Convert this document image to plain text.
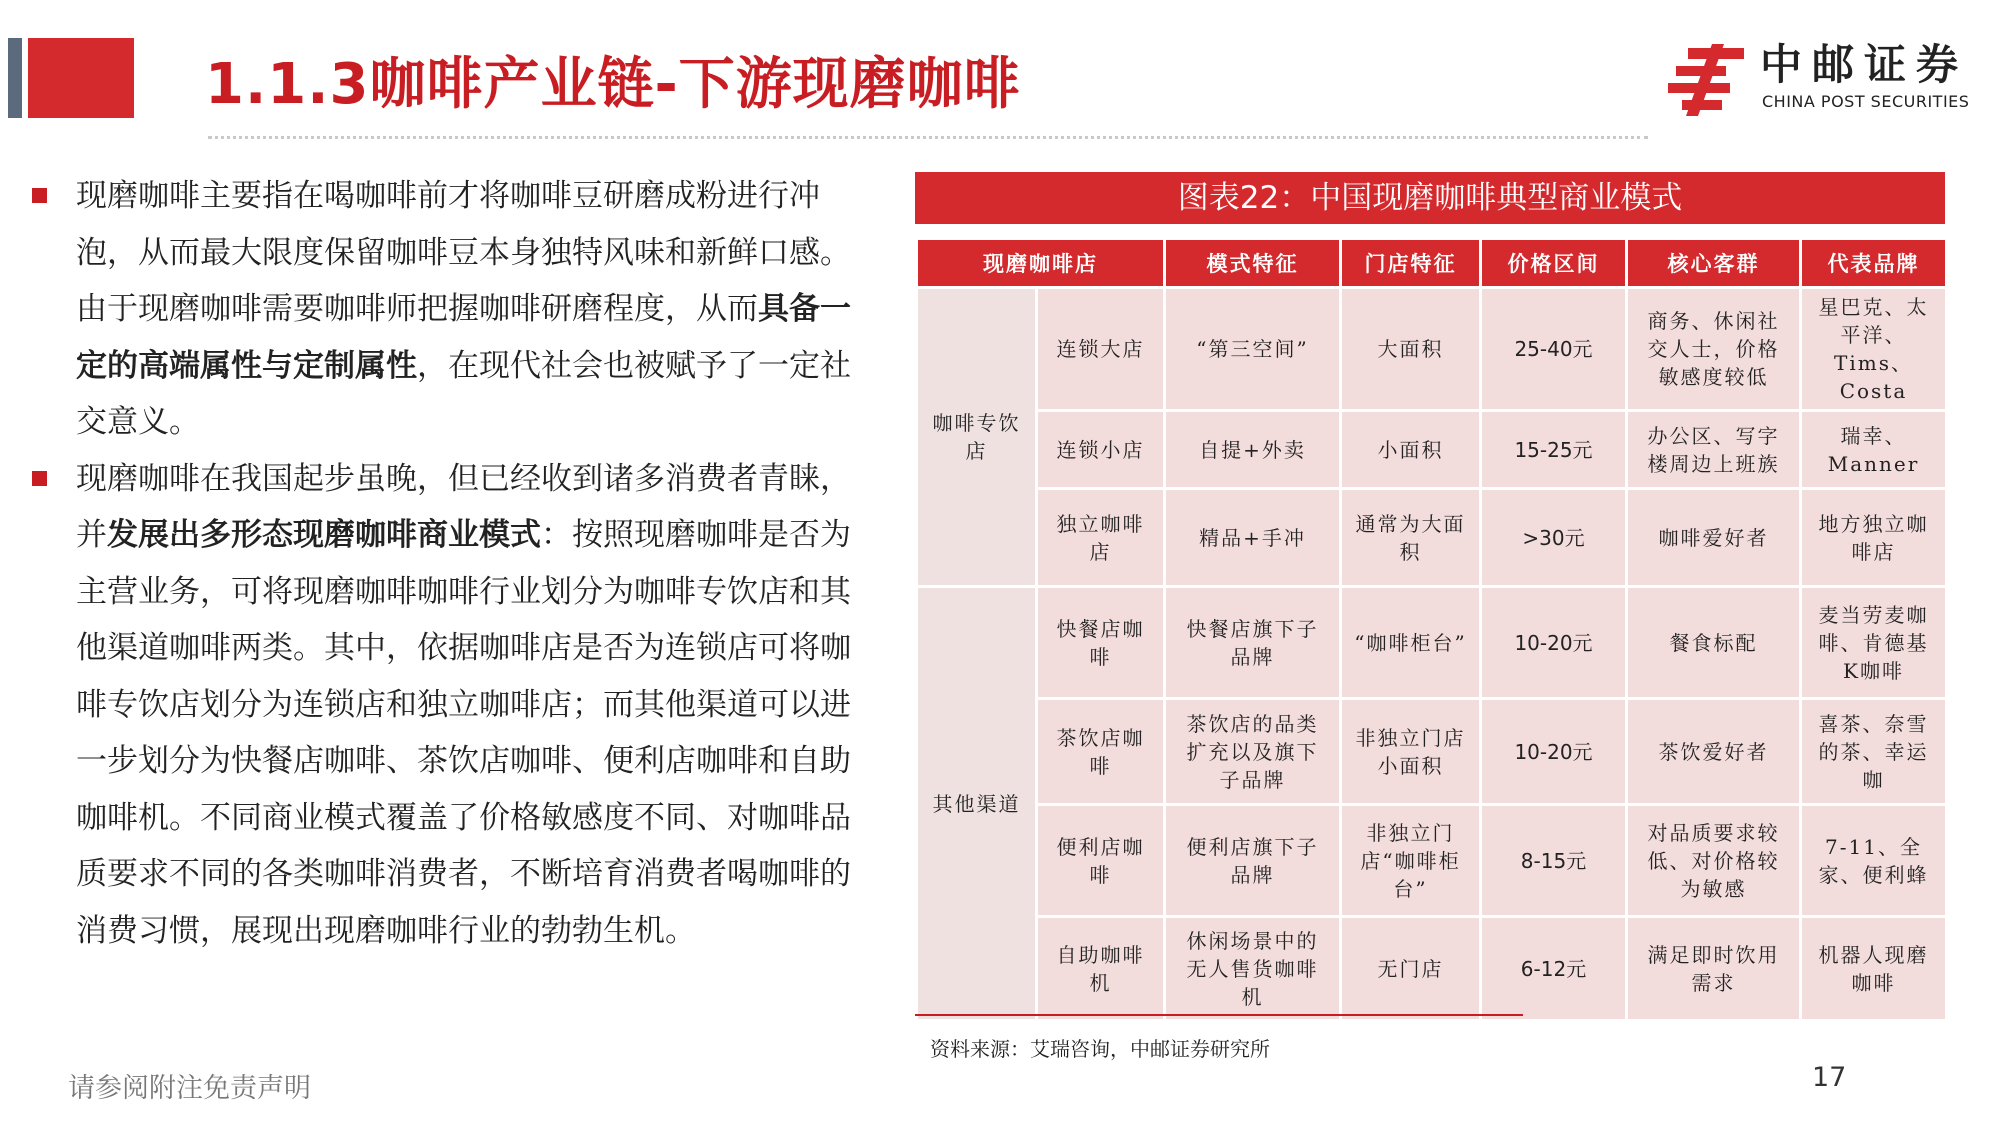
1.1.3咖啡产业链-下游现磨咖啡	中邮证券
CHINA POST SECURITIES

现磨咖啡主要指在喝咖啡前才将咖啡豆研磨成粉进行冲泡，从而最大限度保留咖啡豆本身独特风味和新鲜口感。由于现磨咖啡需要咖啡师把握咖啡研磨程度，从而具备一定的高端属性与定制属性，在现代社会也被赋予了一定社交意义。

现磨咖啡在我国起步虽晚，但已经收到诸多消费者青睐，并发展出多形态现磨咖啡商业模式：按照现磨咖啡是否为主营业务，可将现磨咖啡咖啡行业划分为咖啡专饮店和其他渠道咖啡两类。其中，依据咖啡店是否为连锁店可将咖啡专饮店划分为连锁店和独立咖啡店；而其他渠道可以进一步划分为快餐店咖啡、茶饮店咖啡、便利店咖啡和自助咖啡机。不同商业模式覆盖了价格敏感度不同、对咖啡品质要求不同的各类咖啡消费者，不断培育消费者喝咖啡的消费习惯，展现出现磨咖啡行业的勃勃生机。

图表22：中国现磨咖啡典型商业模式
现磨咖啡店		模式特征	门店特征	价格区间	核心客群	代表品牌
咖啡专饮店	连锁大店	“第三空间”	大面积	25-40元	商务、休闲社交人士，价格敏感度较低	星巴克、太平洋、Tims、Costa
	连锁小店	自提+外卖	小面积	15-25元	办公区、写字楼周边上班族	瑞幸、Manner
	独立咖啡店	精品+手冲	通常为大面积	>30元	咖啡爱好者	地方独立咖啡店
其他渠道	快餐店咖啡	快餐店旗下子品牌	“咖啡柜台”	10-20元	餐食标配	麦当劳麦咖啡、肯德基K咖啡
	茶饮店咖啡	茶饮店的品类扩充以及旗下子品牌	非独立门店小面积	10-20元	茶饮爱好者	喜茶、奈雪的茶、幸运咖
	便利店咖啡	便利店旗下子品牌	非独立门店“咖啡柜台”	8-15元	对品质要求较低、对价格较为敏感	7-11、全家、便利蜂
	自助咖啡机	休闲场景中的无人售货咖啡机	无门店	6-12元	满足即时饮用需求	机器人现磨咖啡
资料来源：艾瑞咨询，中邮证券研究所
请参阅附注免责声明	17
